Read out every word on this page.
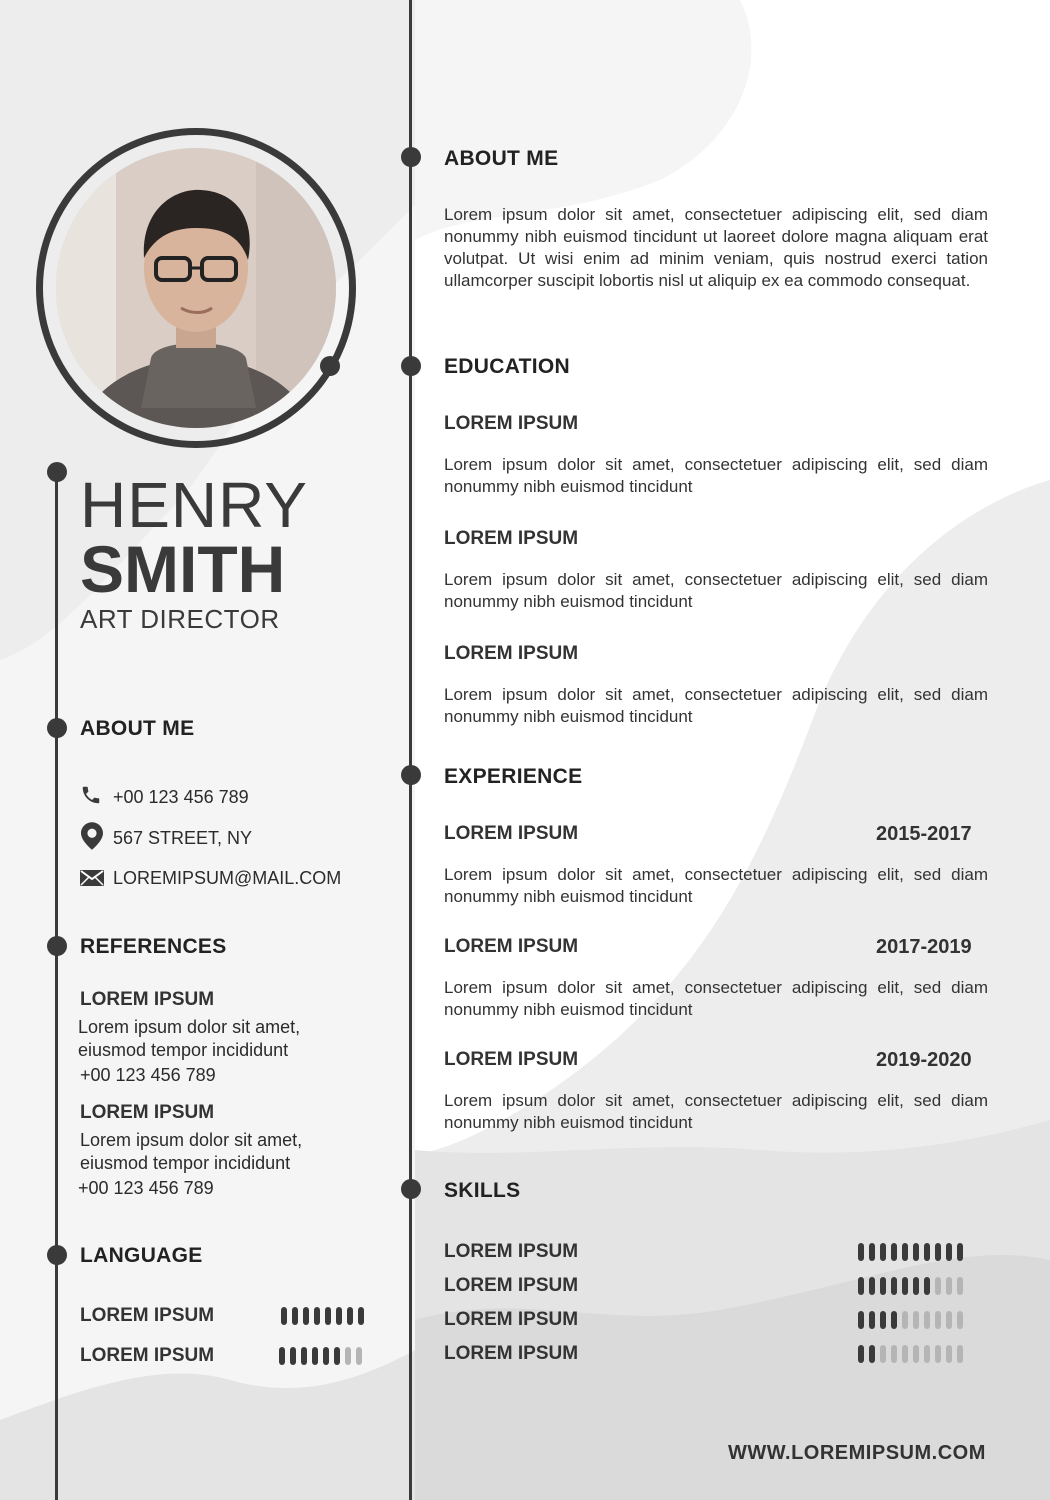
HENRY
SMITH
ART DIRECTOR
ABOUT ME
+00 123 456 789
567 STREET, NY
LOREMIPSUM@MAIL.COM
REFERENCES
LOREM IPSUM
Lorem ipsum dolor sit amet,
eiusmod tempor incididunt
+00 123 456 789
LOREM IPSUM
Lorem ipsum dolor sit amet,
eiusmod tempor incididunt
+00 123 456 789
LANGUAGE
LOREM IPSUM
LOREM IPSUM
ABOUT ME
Lorem ipsum dolor sit amet, consectetuer adipiscing elit, sed diam nonummy nibh euismod tincidunt ut laoreet dolore magna aliquam erat volutpat. Ut wisi enim ad minim veniam, quis nostrud exerci tation ullamcorper suscipit lobortis nisl ut aliquip ex ea commodo consequat.
EDUCATION
LOREM IPSUM
Lorem ipsum dolor sit amet, consectetuer adipiscing elit, sed diam nonummy nibh euismod tincidunt
LOREM IPSUM
Lorem ipsum dolor sit amet, consectetuer adipiscing elit, sed diam nonummy nibh euismod tincidunt
LOREM IPSUM
Lorem ipsum dolor sit amet, consectetuer adipiscing elit, sed diam nonummy nibh euismod tincidunt
EXPERIENCE
LOREM IPSUM	2015-2017
Lorem ipsum dolor sit amet, consectetuer adipiscing elit, sed diam nonummy nibh euismod tincidunt
LOREM IPSUM	2017-2019
Lorem ipsum dolor sit amet, consectetuer adipiscing elit, sed diam nonummy nibh euismod tincidunt
LOREM IPSUM	2019-2020
Lorem ipsum dolor sit amet, consectetuer adipiscing elit, sed diam nonummy nibh euismod tincidunt
SKILLS
LOREM IPSUM
LOREM IPSUM
LOREM IPSUM
LOREM IPSUM
WWW.LOREMIPSUM.COM
